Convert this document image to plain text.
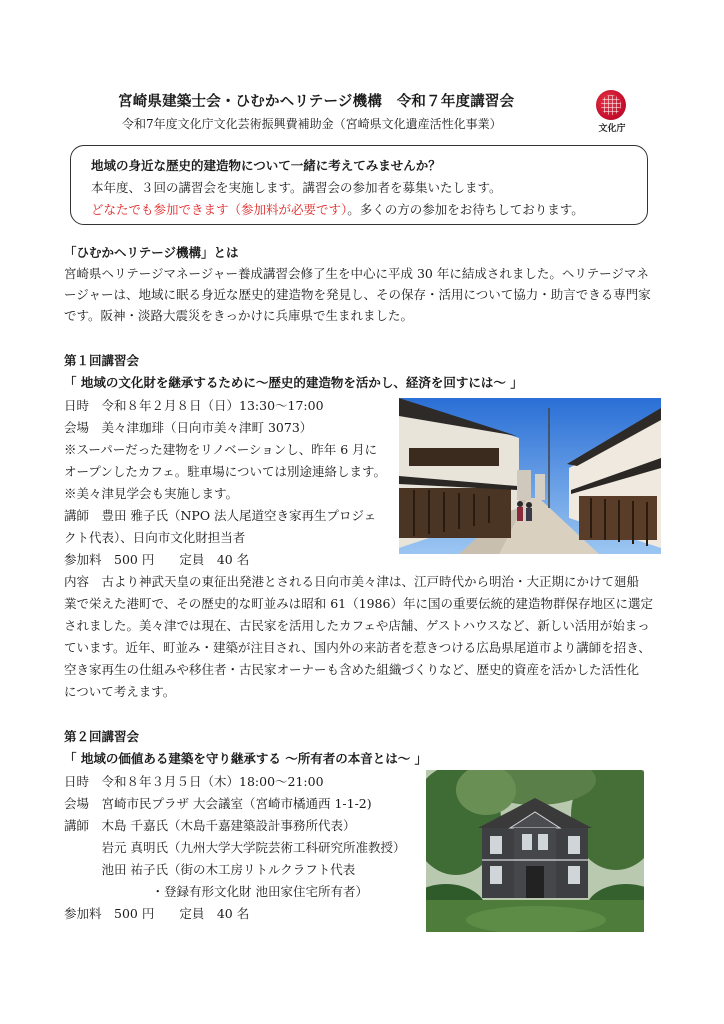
宮崎県建築士会・ひむかヘリテージ機構　令和７年度講習会
令和7年度文化庁文化芸術振興費補助金（宮崎県文化遺産活性化事業）	文化庁
地域の身近な歴史的建造物について一緒に考えてみませんか？
本年度、３回の講習会を実施します。講習会の参加者を募集いたします。
どなたでも参加できます（参加料が必要です）。多くの方の参加をお待ちしております。
「ひむかヘリテージ機構」とは
宮崎県ヘリテージマネージャー養成講習会修了生を中心に平成 30 年に結成されました。ヘリテージマネ
ージャーは、地域に眠る身近な歴史的建造物を発見し、その保存・活用について協力・助言できる専門家
です。阪神・淡路大震災をきっかけに兵庫県で生まれました。
第１回講習会
「 地域の文化財を継承するために～歴史的建造物を活かし、経済を回すには～ 」
日時　令和８年２月８日（日）13:30～17:00
会場　美々津珈琲（日向市美々津町 3073）
※スーパーだった建物をリノベーションし、昨年 6 月に
オープンしたカフェ。駐車場については別途連絡します。
※美々津見学会も実施します。
講師　豊田 雅子氏（NPO 法人尾道空き家再生プロジェ
クト代表）、日向市文化財担当者
参加料　500 円　　定員　40 名
内容　古より神武天皇の東征出発港とされる日向市美々津は、江戸時代から明治・大正期にかけて廻船
業で栄えた港町で、その歴史的な町並みは昭和 61（1986）年に国の重要伝統的建造物群保存地区に選定
されました。美々津では現在、古民家を活用したカフェや店舗、ゲストハウスなど、新しい活用が始まっ
ています。近年、町並み・建築が注目され、国内外の来訪者を惹きつける広島県尾道市より講師を招き、
空き家再生の仕組みや移住者・古民家オーナーも含めた組織づくりなど、歴史的資産を活かした活性化
について考えます。
第２回講習会
「 地域の価値ある建築を守り継承する ～所有者の本音とは～ 」
日時　令和８年３月５日（木）18:00～21:00
会場　宮崎市民プラザ 大会議室（宮崎市橘通西 1-1-2)
講師　木島 千嘉氏（木島千嘉建築設計事務所代表）
　　　岩元 真明氏（九州大学大学院芸術工科研究所准教授）
　　　池田 祐子氏（街の木工房リトルクラフト代表
　　　　　　　・登録有形文化財 池田家住宅所有者）
参加料　500 円　　定員　40 名
